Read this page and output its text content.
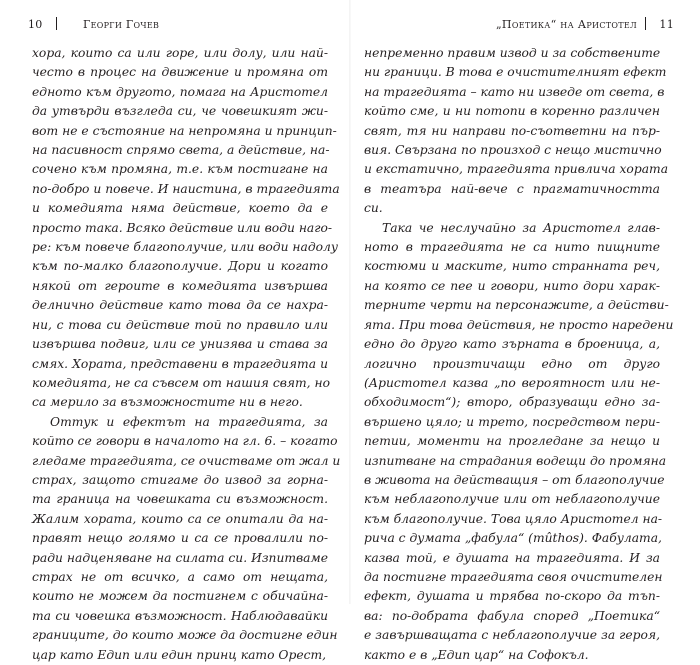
10	Георги Гочев
хора, които са или горе, или долу, или най-
често в процес на движение и промяна от
едното към другото, помага на Аристотел
да утвърди възгледа си, че човешкият жи-
вот не е състояние на непромяна и принцип-
на пасивност спрямо света, а действие, на-
сочено към промяна, т.е. към постигане на
по-добро и повече. И наистина, в трагедията
и комедията няма действие, което да е
просто така. Всяко действие или води наго-
ре: към повече благополучие, или води надолу
към по-малко благополучие. Дори и когато
някой от героите в комедията извършва
делнично действие като това да се нахра-
ни, с това си действие той по правило или
извършва подвиг, или се унизява и става за
смях. Хората, представени в трагедията и
комедията, не са съвсем от нашия свят, но
са мерило за възможностите ни в него.
Оттук и ефектът на трагедията, за
който се говори в началото на гл. 6. – когато
гледаме трагедията, се очистваме от жал и
страх, защото стигаме до извод за горна-
та граница на човешката си възможност.
Жалим хората, които са се опитали да на-
правят нещо голямо и са се провалили по-
ради надценяване на силата си. Изпитваме
страх не от всичко, а само от нещата,
които не можем да постигнем с обичайна-
та си човешка възможност. Наблюдавайки
границите, до които може да достигне един
цар като Едип или един принц като Орест,
„Поетика“ на Аристотел 11
непременно правим извод и за собствените
ни граници. В това е очистителният ефект
на трагедията – като ни изведе от света, в
който сме, и ни потопи в коренно различен
свят, тя ни направи по-съответни на пър-
вия. Свързана по произход с нещо мистично
и екстатично, трагедията привлича хората
в театъра най-вече с прагматичността
си.
Така че неслучайно за Аристотел глав-
ното в трагедията не са нито пищните
костюми и маските, нито странната реч,
на която се пее и говори, нито дори харак-
терните черти на персонажите, а действи-
ята. При това действия, не просто наредени
едно до друго като зърната в броеница, а,
логично произтичащи едно от друго
(Аристотел казва „по вероятност или не-
обходимост“); второ, образуващи едно за-
вършено цяло; и трето, посредством пери-
петии, моменти на прогледане за нещо и
изпитване на страдания водещи до промяна
в живота на действащия – от благополучие
към неблагополучие или от неблагополучие
към благополучие. Това цяло Аристотел на-
рича с думата „фабула“ (mûthos). Фабулата,
казва той, е душата на трагедията. И за
да постигне трагедията своя очистителен
ефект, душата и трябва по-скоро да тъп-
ва: по-добрата фабула според „Поетика“
е завършващата с неблагополучие за героя,
както е в „Едип цар“ на Софокъл.
